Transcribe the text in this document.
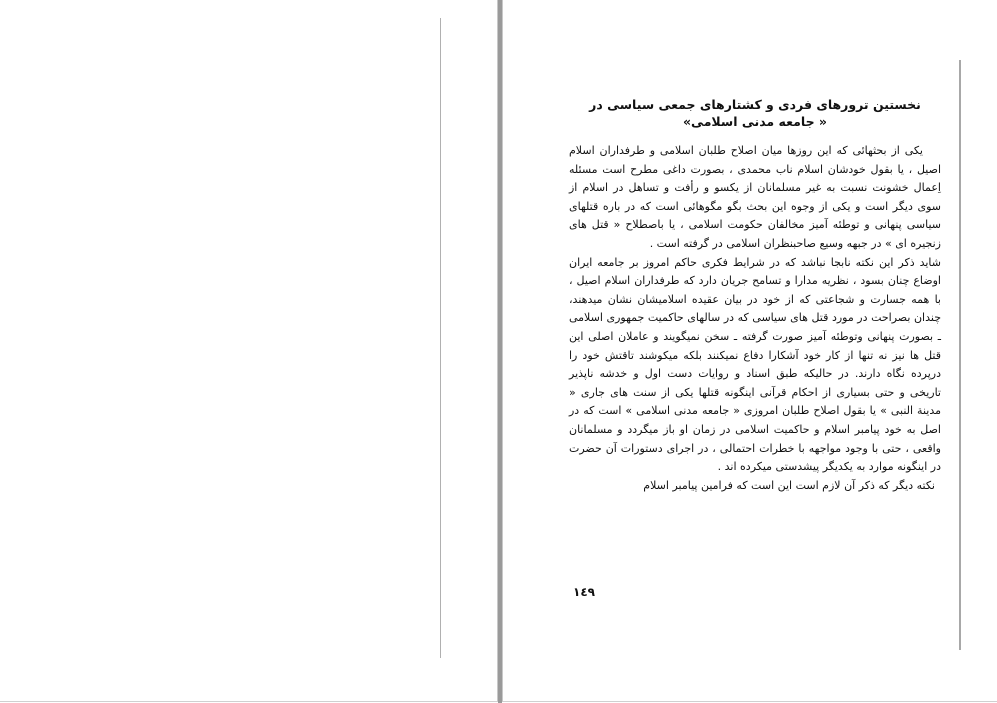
نخستین ترورهای فردی و کشتارهای جمعی سیاسی در
« جامعه مدنی اسلامی»

یکی از بحثهائی که این روزها میان اصلاح طلبان اسلامی و طرفداران اسلام اصیل ، یا بقول خودشان اسلام ناب محمدی ، بصورت داغی مطرح است مسئله اِعمال خشونت نسبت به غیر مسلمانان از یکسو و رأفت و تساهل در اسلام از سوی دیگر است و یکی از وجوه این بحث بگو مگوهائی است که در باره قتلهای سیاسی پنهانی و توطئه آمیز مخالفان حکومت اسلامی ، یا باصطلاح « قتل های زنجیره ای » در جبهه وسیع صاحبنظران اسلامی در گرفته است .

شاید ذکر این نکته نابجا نباشد که در شرایط فکری حاکم امروز بر جامعه ایران اوضاع چنان بسود ، نظریه مدارا و تسامح جریان دارد که طرفداران اسلام اصیل ، با همه جسارت و شجاعتی که از خود در بیان عقیده اسلامیشان نشان میدهند، چندان بصراحت در مورد قتل های سیاسی که در سالهای حاکمیت جمهوری اسلامی ـ بصورت پنهانی وتوطئه آمیز صورت گرفته ـ سخن نمیگویند و عاملان اصلی این قتل ها نیز نه تنها از کار خود آشکارا دفاع نمیکنند بلکه میکوشند تاقتش خود را درپرده نگاه دارند. در حالیکه طبق اسناد و روایات دست اول و خدشه ناپذیر تاریخی و حتی بسیاری از احکام قرآنی اینگونه قتلها یکی از سنت های جاری « مدینة النبی » یا بقول اصلاح طلبان امروزی « جامعه مدنی اسلامی » است که در اصل به خود پیامبر اسلام و حاکمیت اسلامی در زمان او باز میگردد و مسلمانان واقعی ، حتی با وجود مواجهه با خطرات احتمالی ، در اجرای دستورات آن حضرت در اینگونه موارد به یکدیگر پیشدستی میکرده اند .

نکته دیگر که ذکر آن لازم است این است که فرامین پیامبر اسلام

١٤٩
